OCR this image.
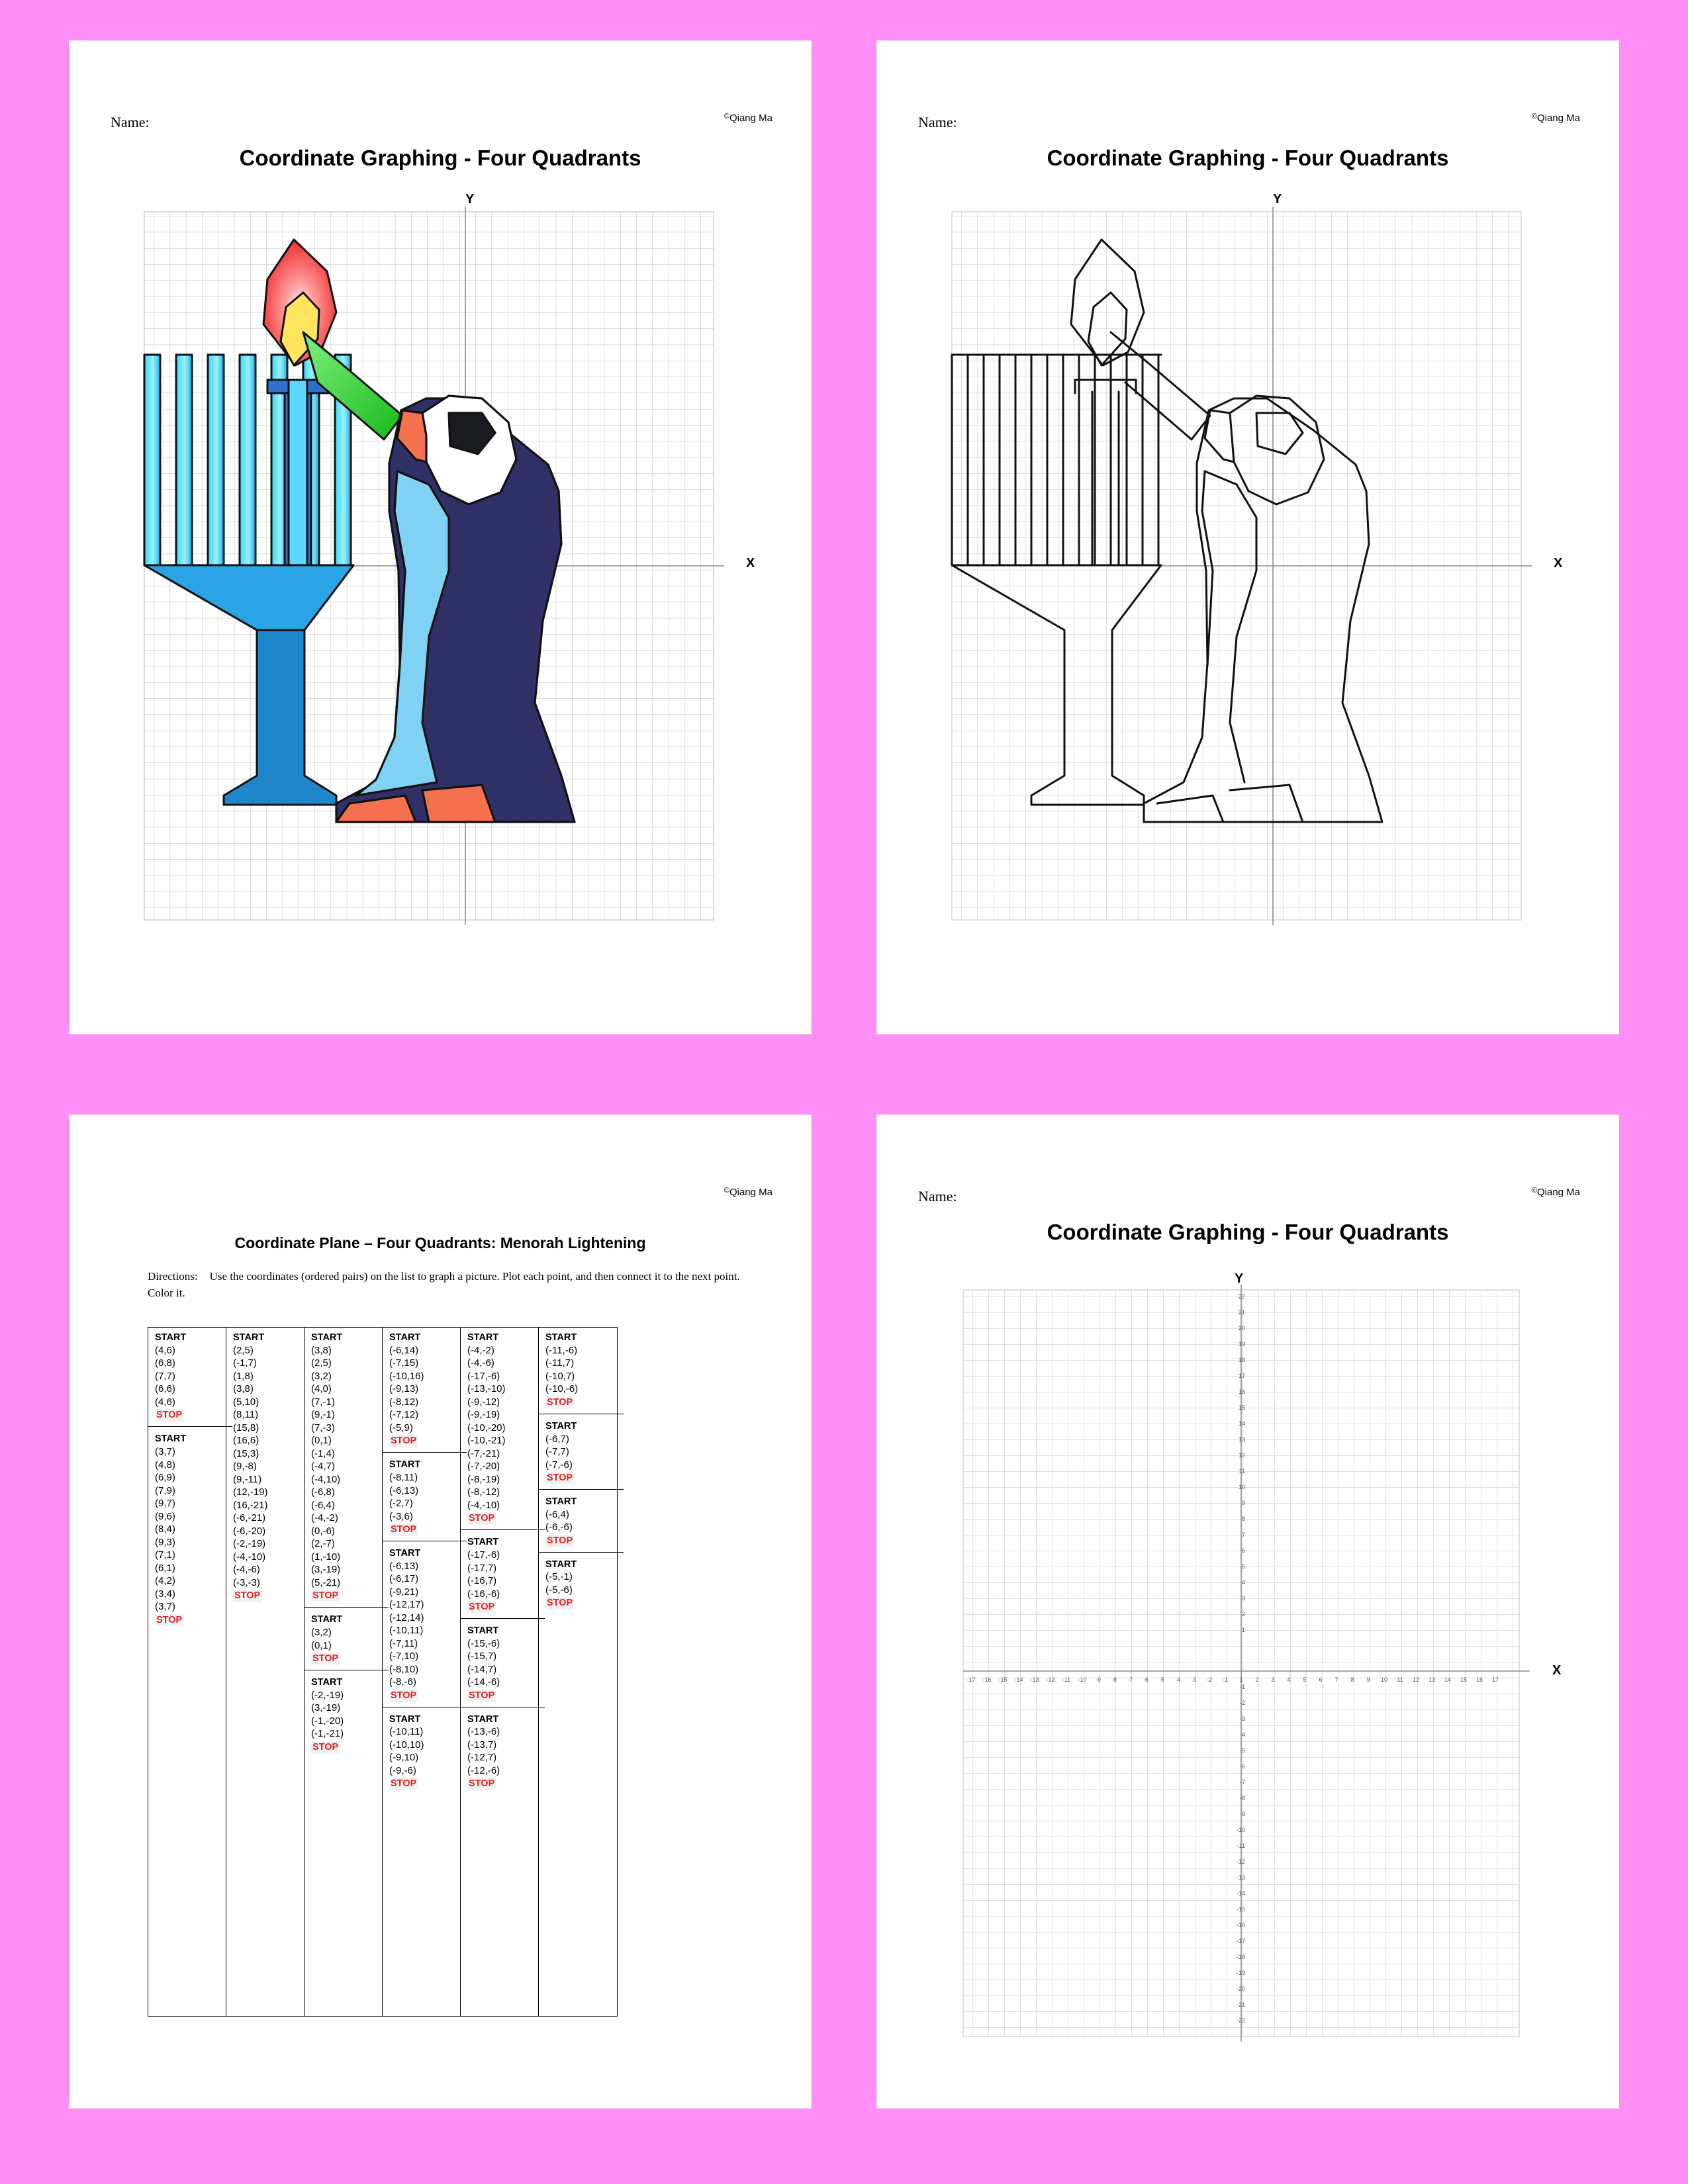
Name:	©Qiang Ma
Coordinate Graphing - Four Quadrants
Y
X
Name:	©Qiang Ma
Coordinate Graphing - Four Quadrants
Y
X
©Qiang Ma
Coordinate Plane – Four Quadrants: Menorah Lightening
Directions: Use the coordinates (ordered pairs) on the list to graph a picture. Plot each point, and then connect it to the next point. Color it.
START
(4,6)
(6,8)
(7,7)
(6,6)
(4,6)
STOP
START
(3,7)
(4,8)
(6,9)
(7,9)
(9,7)
(9,6)
(8,4)
(9,3)
(7,1)
(6,1)
(4,2)
(3,4)
(3,7)
STOP
START
(2,5)
(-1,7)
(1,8)
(3,8)
(5,10)
(8,11)
(15,8)
(16,6)
(15,3)
(9,-8)
(9,-11)
(12,-19)
(16,-21)
(-6,-21)
(-6,-20)
(-2,-19)
(-4,-10)
(-4,-6)
(-3,-3)
STOP
START
(3,8)
(2,5)
(3,2)
(4,0)
(7,-1)
(9,-1)
(7,-3)
(0,1)
(-1,4)
(-4,7)
(-4,10)
(-6,8)
(-6,4)
(-4,-2)
(0,-6)
(2,-7)
(1,-10)
(3,-19)
(5,-21)
STOP
START
(3,2)
(0,1)
STOP
START
(-2,-19)
(3,-19)
(-1,-20)
(-1,-21)
STOP
START
(-6,14)
(-7,15)
(-10,16)
(-9,13)
(-8,12)
(-7,12)
(-5,9)
STOP
START
(-8,11)
(-6,13)
(-2,7)
(-3,6)
STOP
START
(-6,13)
(-6,17)
(-9,21)
(-12,17)
(-12,14)
(-10,11)
(-7,11)
(-7,10)
(-8,10)
(-8,-6)
STOP
START
(-10,11)
(-10,10)
(-9,10)
(-9,-6)
STOP
START
(-4,-2)
(-4,-6)
(-17,-6)
(-13,-10)
(-9,-12)
(-9,-19)
(-10,-20)
(-10,-21)
(-7,-21)
(-7,-20)
(-8,-19)
(-8,-12)
(-4,-10)
STOP
START
(-17,-6)
(-17,7)
(-16,7)
(-16,-6)
STOP
START
(-15,-6)
(-15,7)
(-14,7)
(-14,-6)
STOP
START
(-13,-6)
(-13,7)
(-12,7)
(-12,-6)
STOP
START
(-11,-6)
(-11,7)
(-10,7)
(-10,-6)
STOP
START
(-6,7)
(-7,7)
(-7,-6)
STOP
START
(-6,4)
(-6,-6)
STOP
START
(-5,-1)
(-5,-6)
STOP
Name:	©Qiang Ma
Coordinate Graphing - Four Quadrants
Y
X
-17 -16 -15 -14 -13 -12 -11 -10 -9 -8 -7 -6 -5 -4 -3 -2 -1 1 2 3 4 5 6 7 8 9 10 11 12 13 14 15 16 17
22
21
20
19
18
17
16
15
14
13
12
11
10
9
8
7
6
5
4
3
2
1
-1
-2
-3
-4
-5
-6
-7
-8
-9
-10
-11
-12
-13
-14
-15
-16
-17
-18
-19
-20
-21
-22
